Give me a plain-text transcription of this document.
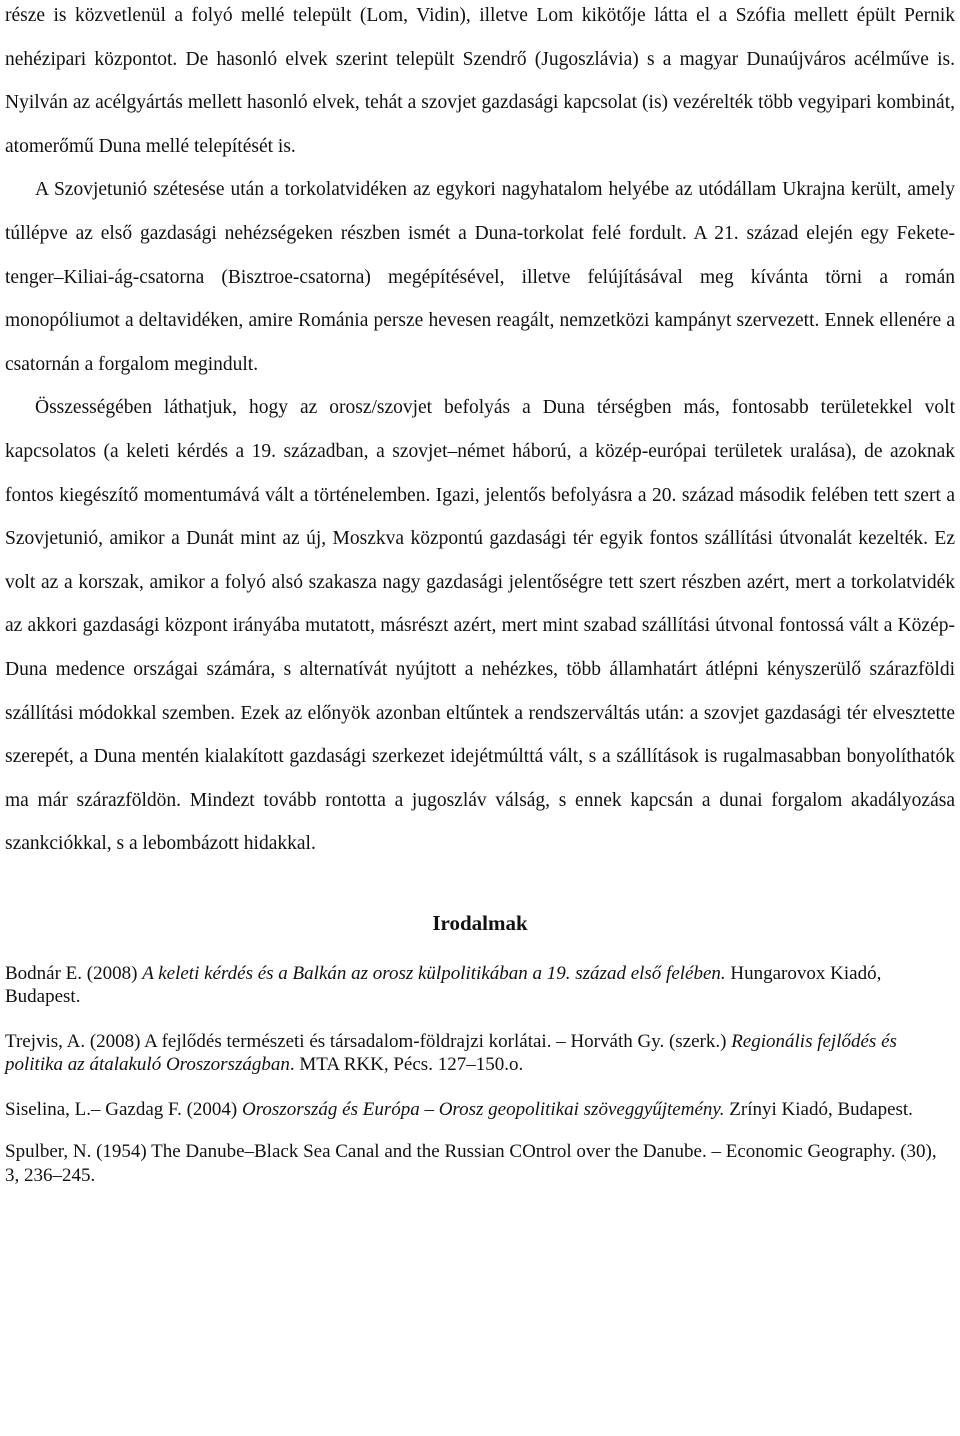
része is közvetlenül a folyó mellé települt (Lom, Vidin), illetve Lom kikötője látta el a Szófia mellett épült Pernik nehézipari központot. De hasonló elvek szerint települt Szendrő (Jugoszlávia) s a magyar Dunaújváros acélműve is. Nyilván az acélgyártás mellett hasonló elvek, tehát a szovjet gazdasági kapcsolat (is) vezérelték több vegyipari kombinát, atomerőmű Duna mellé telepítését is.

A Szovjetunió szétesése után a torkolatvidéken az egykori nagyhatalom helyébe az utódállam Ukrajna került, amely túllépve az első gazdasági nehézségeken részben ismét a Duna-torkolat felé fordult. A 21. század elején egy Fekete-tenger–Kiliai-ág-csatorna (Bisztroe-csatorna) megépítésével, illetve felújításával meg kívánta törni a román monopóliumot a deltavidéken, amire Románia persze hevesen reagált, nemzetközi kampányt szervezett. Ennek ellenére a csatornán a forgalom megindult.

Összességében láthatjuk, hogy az orosz/szovjet befolyás a Duna térségben más, fontosabb területekkel volt kapcsolatos (a keleti kérdés a 19. században, a szovjet–német háború, a közép-európai területek uralása), de azoknak fontos kiegészítő momentumává vált a történelemben. Igazi, jelentős befolyásra a 20. század második felében tett szert a Szovjetunió, amikor a Dunát mint az új, Moszkva központú gazdasági tér egyik fontos szállítási útvonalát kezelték. Ez volt az a korszak, amikor a folyó alsó szakasza nagy gazdasági jelentőségre tett szert részben azért, mert a torkolatvidék az akkori gazdasági központ irányába mutatott, másrészt azért, mert mint szabad szállítási útvonal fontossá vált a Közép-Duna medence országai számára, s alternatívát nyújtott a nehézkes, több államhatárt átlépni kényszerülő szárazföldi szállítási módokkal szemben. Ezek az előnyök azonban eltűntek a rendszerváltás után: a szovjet gazdasági tér elvesztette szerepét, a Duna mentén kialakított gazdasági szerkezet idejétmúlttá vált, s a szállítások is rugalmasabban bonyolíthatók ma már szárazföldön. Mindezt tovább rontotta a jugoszláv válság, s ennek kapcsán a dunai forgalom akadályozása szankciókkal, s a lebombázott hidakkal.

Irodalmak

Bodnár E. (2008) A keleti kérdés és a Balkán az orosz külpolitikában a 19. század első felében. Hungarovox Kiadó, Budapest.

Trejvis, A. (2008) A fejlődés természeti és társadalom-földrajzi korlátai. – Horváth Gy. (szerk.) Regionális fejlődés és politika az átalakuló Oroszországban. MTA RKK, Pécs. 127–150.o.

Siselina, L.– Gazdag F. (2004) Oroszország és Európa – Orosz geopolitikai szöveggyűjtemény. Zrínyi Kiadó, Budapest.

Spulber, N. (1954) The Danube–Black Sea Canal and the Russian COntrol over the Danube. – Economic Geography. (30), 3, 236–245.
